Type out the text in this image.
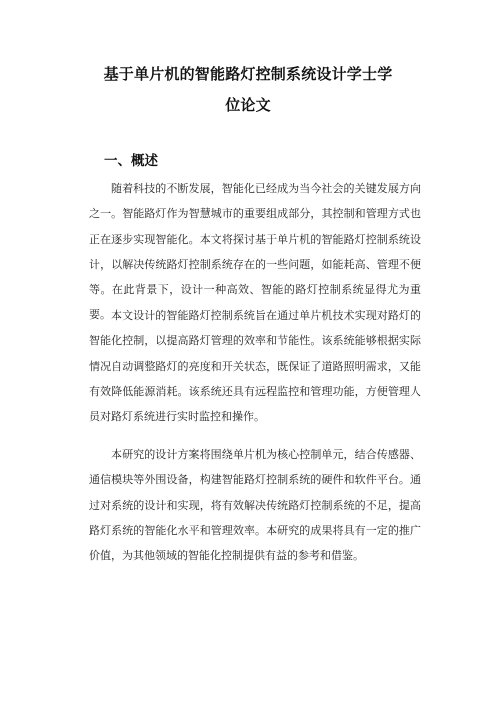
基于单片机的智能路灯控制系统设计学士学
位论文
一、概述

随着科技的不断发展，智能化已经成为当今社会的关键发展方向之一。智能路灯作为智慧城市的重要组成部分，其控制和管理方式也正在逐步实现智能化。本文将探讨基于单片机的智能路灯控制系统设计，以解决传统路灯控制系统存在的一些问题，如能耗高、管理不便等。在此背景下，设计一种高效、智能的路灯控制系统显得尤为重要。 本文设计的智能路灯控制系统旨在通过单片机技术实现对路灯的智能化控制，以提高路灯管理的效率和节能性。该系统能够根据实际情况自动调整路灯的亮度和开关状态，既保证了道路照明需求，又能有效降低能源消耗。该系统还具有远程监控和管理功能，方便管理人员对路灯系统进行实时监控和操作。

本研究的设计方案将围绕单片机为核心控制单元，结合传感器、通信模块等外围设备，构建智能路灯控制系统的硬件和软件平台。通过对系统的设计和实现，将有效解决传统路灯控制系统的不足，提高路灯系统的智能化水平和管理效率。本研究的成果将具有一定的推广价值，为其他领域的智能化控制提供有益的参考和借鉴。
